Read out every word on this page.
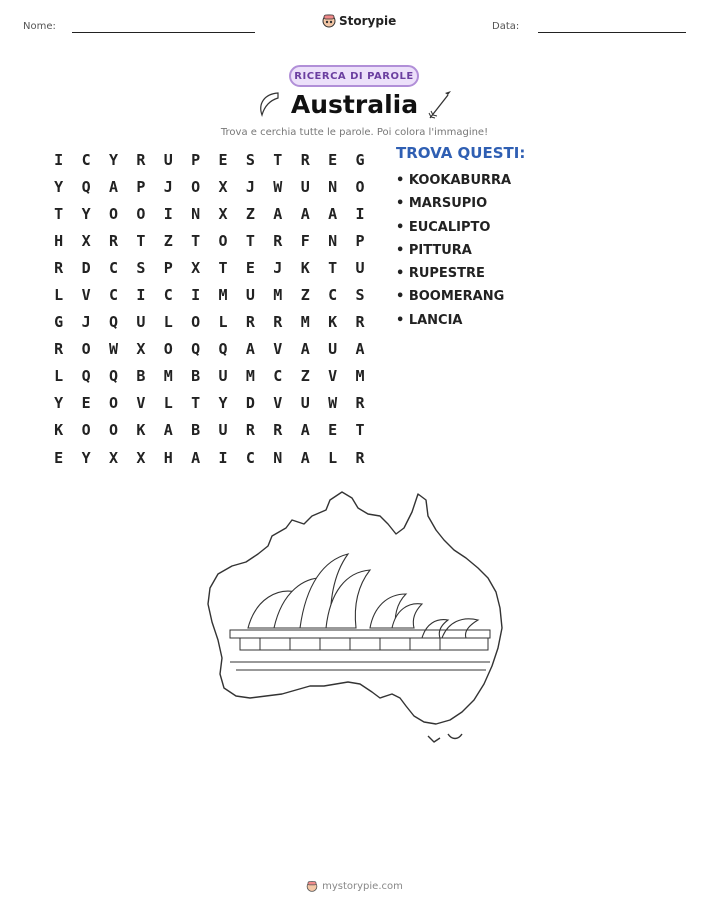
Nome:	Storypie	Data:
RICERCA DI PAROLE
Australia
Trova e cerchia tutte le parole. Poi colora l'immagine!
I	C	Y	R	U	P	E	S	T	R	E	G
Y	Q	A	P	J	O	X	J	W	U	N	O
T	Y	O	O	I	N	X	Z	A	A	A	I
H	X	R	T	Z	T	O	T	R	F	N	P
R	D	C	S	P	X	T	E	J	K	T	U
L	V	C	I	C	I	M	U	M	Z	C	S
G	J	Q	U	L	O	L	R	R	M	K	R
R	O	W	X	O	Q	Q	A	V	A	U	A
L	Q	Q	B	M	B	U	M	C	Z	V	M
Y	E	O	V	L	T	Y	D	V	U	W	R
K	O	O	K	A	B	U	R	R	A	E	T
E	Y	X	X	H	A	I	C	N	A	L	R
TROVA QUESTI:
• KOOKABURRA
• MARSUPIO
• EUCALIPTO
• PITTURA
• RUPESTRE
• BOOMERANG
• LANCIA
mystorypie.com
